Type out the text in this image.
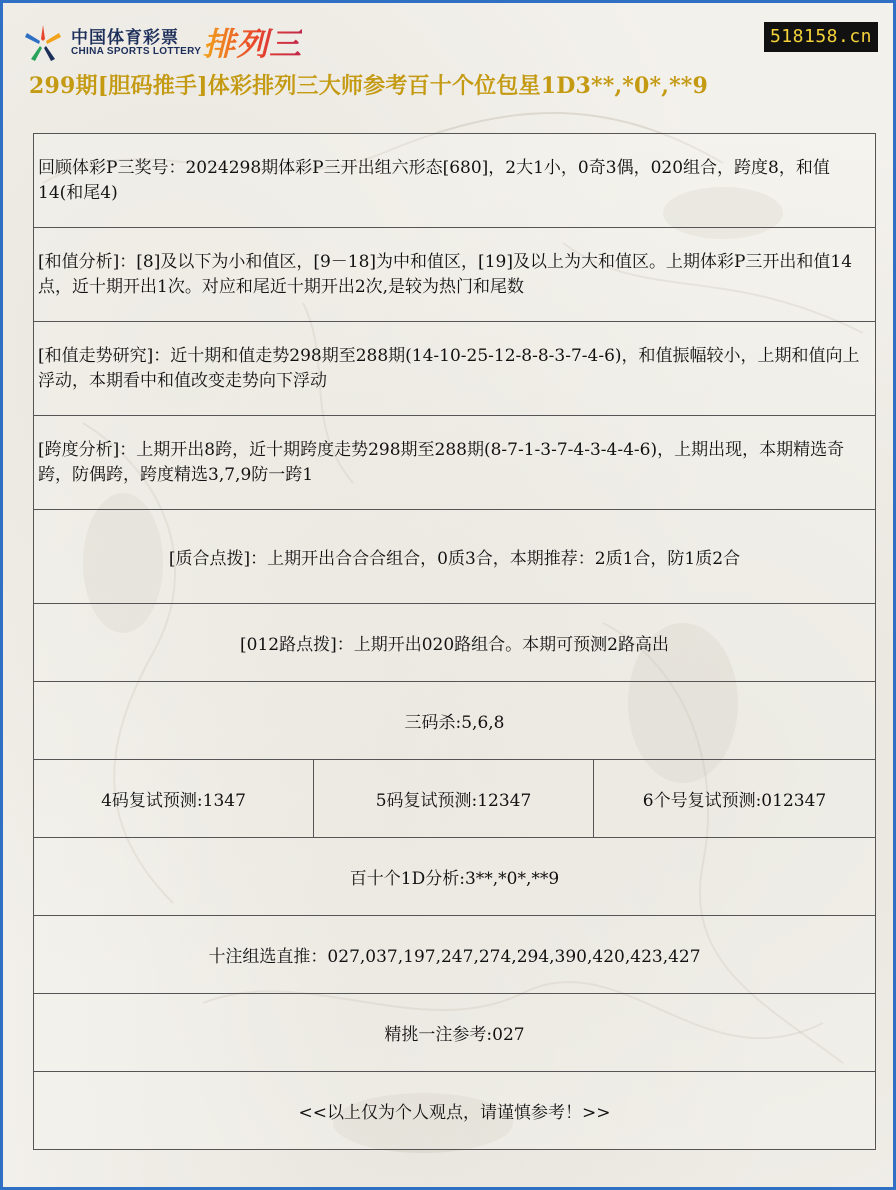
中国体育彩票
CHINA SPORTS LOTTERY 排列三	518158.cn
299期[胆码推手]体彩排列三大师参考百十个位包星1D3**,*0*,**9
回顾体彩P三奖号：2024298期体彩P三开出组六形态[680]，2大1小，0奇3偶，020组合，跨度8，和值14(和尾4)
[和值分析]：[8]及以下为小和值区，[9－18]为中和值区，[19]及以上为大和值区。上期体彩P三开出和值14点，近十期开出1次。对应和尾近十期开出2次,是较为热门和尾数
[和值走势研究]：近十期和值走势298期至288期(14-10-25-12-8-8-3-7-4-6)，和值振幅较小，上期和值向上浮动，本期看中和值改变走势向下浮动
[跨度分析]：上期开出8跨，近十期跨度走势298期至288期(8-7-1-3-7-4-3-4-4-6)，上期出现，本期精选奇跨，防偶跨，跨度精选3,7,9防一跨1
[质合点拨]：上期开出合合合组合，0质3合，本期推荐：2质1合，防1质2合
[012路点拨]：上期开出020路组合。本期可预测2路高出
三码杀:5,6,8
4码复试预测:1347	5码复试预测:12347	6个号复试预测:012347
百十个1D分析:3**,*0*,**9
十注组选直推：027,037,197,247,274,294,390,420,423,427
精挑一注参考:027
<<以上仅为个人观点，请谨慎参考！>>
